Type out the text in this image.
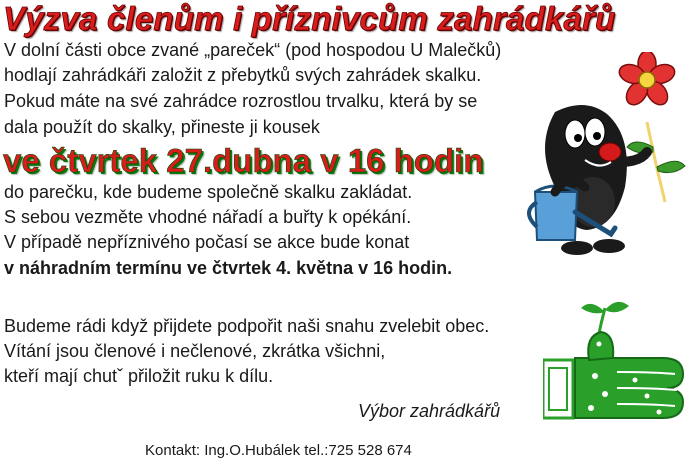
Výzva členům i příznivcům zahrádkářů

V dolní části obce zvané „pareček“ (pod hospodou U Malečků)

hodlají zahrádkáři založit z přebytků svých zahrádek skalku.

Pokud máte na své zahrádce rozrostlou trvalku, která by se

dala použít do skalky, přineste ji kousek

ve čtvrtek 27.dubna v 16 hodin

do parečku, kde budeme společně skalku zakládat.

S sebou vezměte vhodné nářadí a buřty k opékání.

V případě nepříznivého počasí se akce bude konat

v náhradním termínu ve čtvrtek 4. května v 16 hodin.

Budeme rádi když přijdete podpořit naši snahu zvelebit obec.

Vítání jsou členové i nečlenové, zkrátka všichni,

kteří mají chutˇ přiložit ruku k dílu.

Výbor zahrádkářů

Kontakt: Ing.O.Hubálek tel.:725 528 674
